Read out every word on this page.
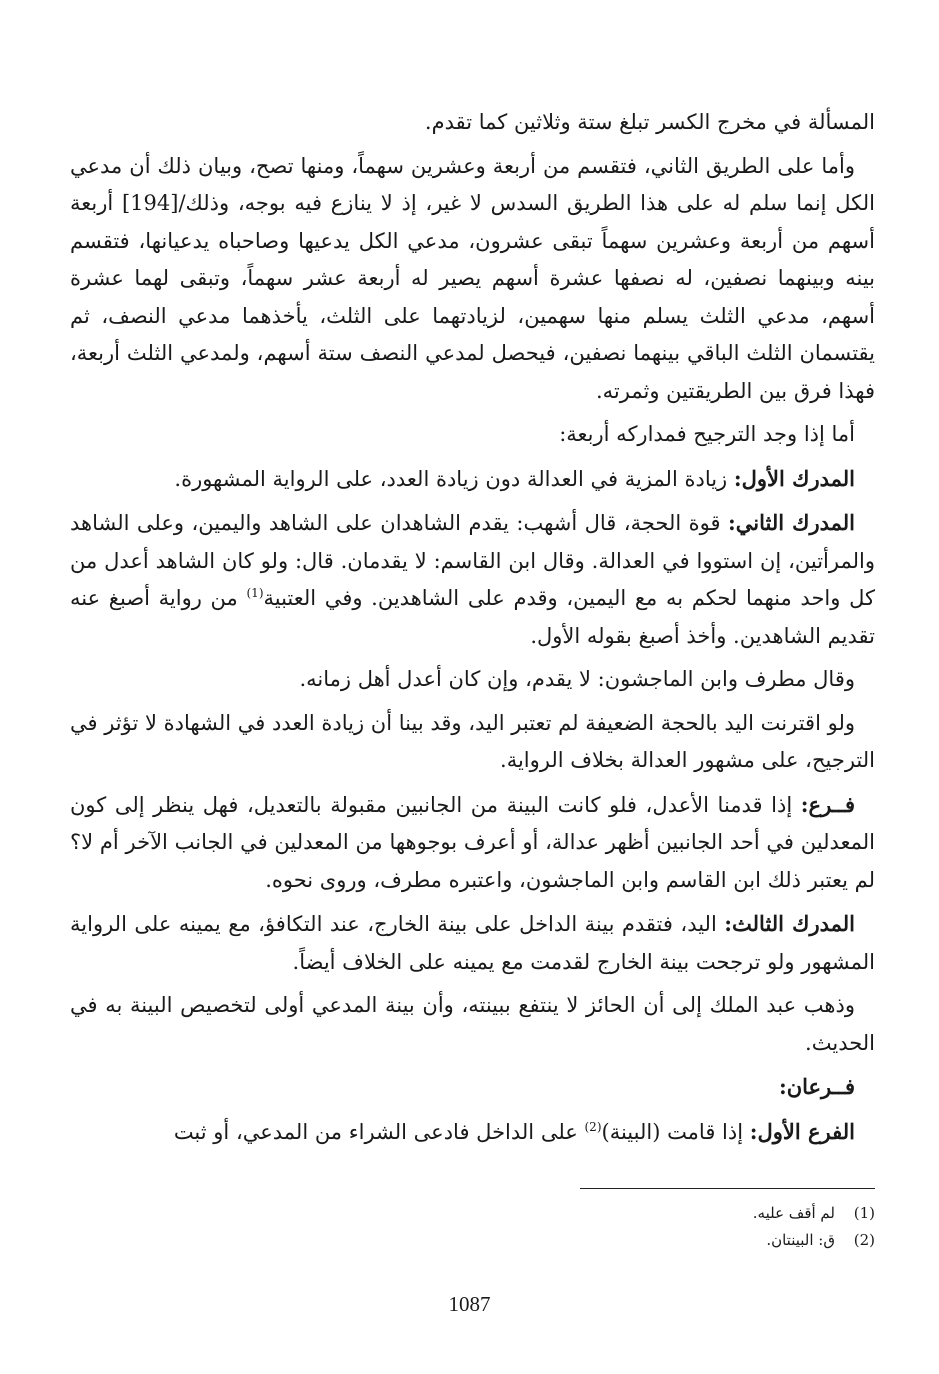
المسألة في مخرج الكسر تبلغ ستة وثلاثين كما تقدم.

وأما على الطريق الثاني، فتقسم من أربعة وعشرين سهماً، ومنها تصح، وبيان ذلك أن مدعي الكل إنما سلم له على هذا الطريق السدس لا غير، إذ لا ينازع فيه بوجه، وذلك/[194] أربعة أسهم من أربعة وعشرين سهماً تبقى عشرون، مدعي الكل يدعيها وصاحباه يدعيانها، فتقسم بينه وبينهما نصفين، له نصفها عشرة أسهم يصير له أربعة عشر سهماً، وتبقى لهما عشرة أسهم، مدعي الثلث يسلم منها سهمين، لزيادتهما على الثلث، يأخذهما مدعي النصف، ثم يقتسمان الثلث الباقي بينهما نصفين، فيحصل لمدعي النصف ستة أسهم، ولمدعي الثلث أربعة، فهذا فرق بين الطريقتين وثمرته.

أما إذا وجد الترجيح فمداركه أربعة:

المدرك الأول: زيادة المزية في العدالة دون زيادة العدد، على الرواية المشهورة.

المدرك الثاني: قوة الحجة، قال أشهب: يقدم الشاهدان على الشاهد واليمين، وعلى الشاهد والمرأتين، إن استووا في العدالة. وقال ابن القاسم: لا يقدمان. قال: ولو كان الشاهد أعدل من كل واحد منهما لحكم به مع اليمين، وقدم على الشاهدين. وفي العتبية$^{(1)}$ من رواية أصبغ عنه تقديم الشاهدين. وأخذ أصبغ بقوله الأول.

وقال مطرف وابن الماجشون: لا يقدم، وإن كان أعدل أهل زمانه.

ولو اقترنت اليد بالحجة الضعيفة لم تعتبر اليد، وقد بينا أن زيادة العدد في الشهادة لا تؤثر في الترجيح، على مشهور العدالة بخلاف الرواية.

فــرع: إذا قدمنا الأعدل، فلو كانت البينة من الجانبين مقبولة بالتعديل، فهل ينظر إلى كون المعدلين في أحد الجانبين أظهر عدالة، أو أعرف بوجوهها من المعدلين في الجانب الآخر أم لا؟ لم يعتبر ذلك ابن القاسم وابن الماجشون، واعتبره مطرف، وروى نحوه.

المدرك الثالث: اليد، فتقدم بينة الداخل على بينة الخارج، عند التكافؤ، مع يمينه على الرواية المشهور ولو ترجحت بينة الخارج لقدمت مع يمينه على الخلاف أيضاً.

وذهب عبد الملك إلى أن الحائز لا ينتفع ببينته، وأن بينة المدعي أولى لتخصيص البينة به في الحديث.

فــرعان:

الفرع الأول: إذا قامت (البينة)$^{(2)}$ على الداخل فادعى الشراء من المدعي، أو ثبت

(1)لم أقف عليه.
(2)ق: البينتان.
1087
